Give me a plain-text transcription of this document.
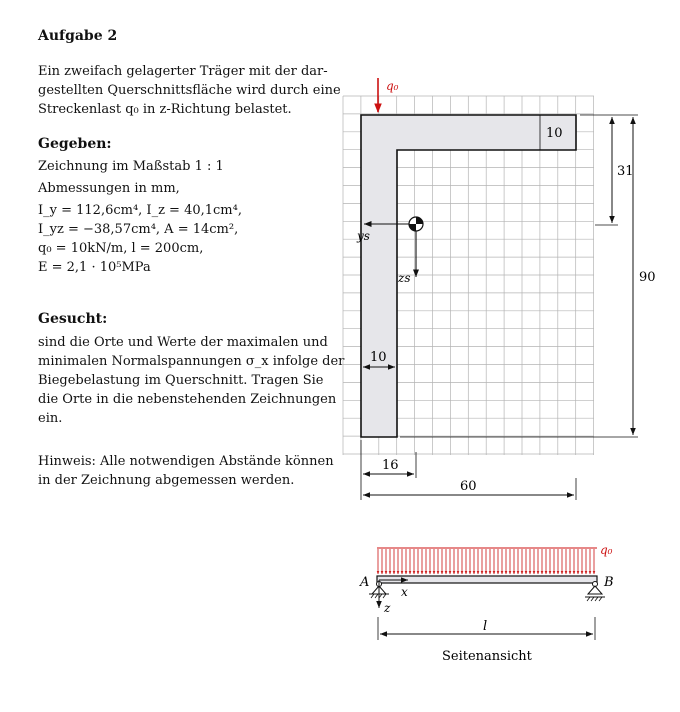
Aufgabe 2
Ein zweifach gelagerter Träger mit der dar-
gestellten Querschnittsfläche wird durch eine
Streckenlast q₀ in z-Richtung belastet.
Gegeben:
Zeichnung im Maßstab 1 : 1
Abmessungen in mm,
I_y = 112,6cm⁴, I_z = 40,1cm⁴,
I_yz = −38,57cm⁴, A = 14cm²,
q₀ = 10kN/m, l = 200cm,
E = 2,1 · 10⁵MPa
Gesucht:
sind die Orte und Werte der maximalen und
minimalen Normalspannungen σ_x infolge der
Biegebelastung im Querschnitt. Tragen Sie
die Orte in die nebenstehenden Zeichnungen
ein.
Hinweis: Alle notwendigen Abstände können
in der Zeichnung abgemessen werden.
q₀
10
31
90
ys
zs
10
16
60
q₀
A	B
x
z
l
Seitenansicht
